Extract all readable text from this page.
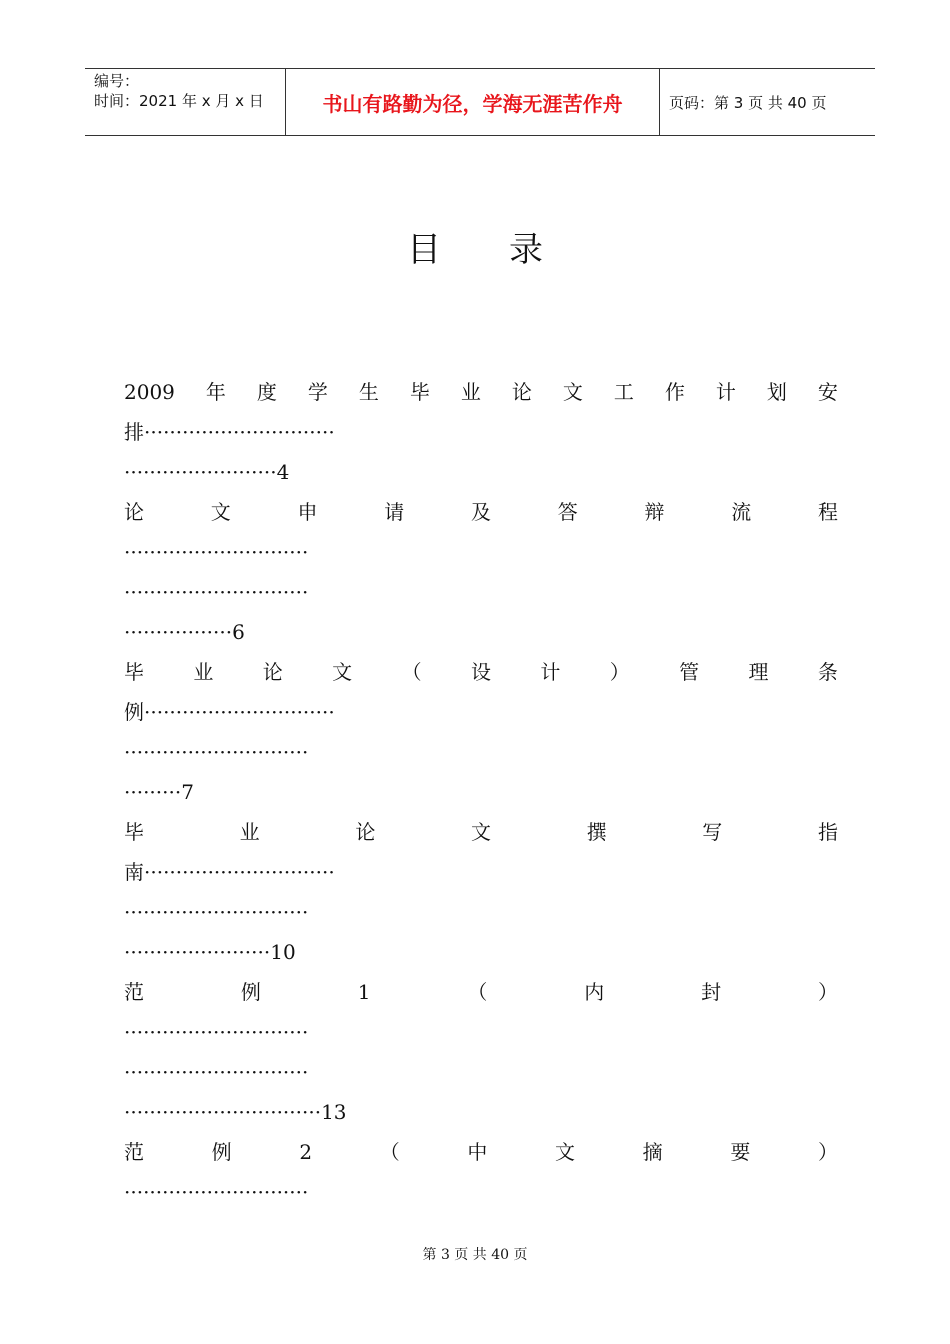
编号：
时间：2021 年 x 月 x 日	书山有路勤为径，学海无涯苦作舟	页码：第 3 页 共 40 页
目录
2009 年 度 学 生 毕 业 论 文 工 作 计 划 安
排······························
························4
论	文	申	请	及	答	辩	流	程
·····························
·····························
·················6
毕 业 论 文 （ 设 计 ） 管 理 条
例······························
·····························
·········7
毕	业	论	文	撰	写	指
南······························
·····························
·······················10
范	例	1	（	内	封	）
·····························
·····························
·······························13
范	例	2	（	中	文	摘	要	）
·····························
第 3 页 共 40 页
